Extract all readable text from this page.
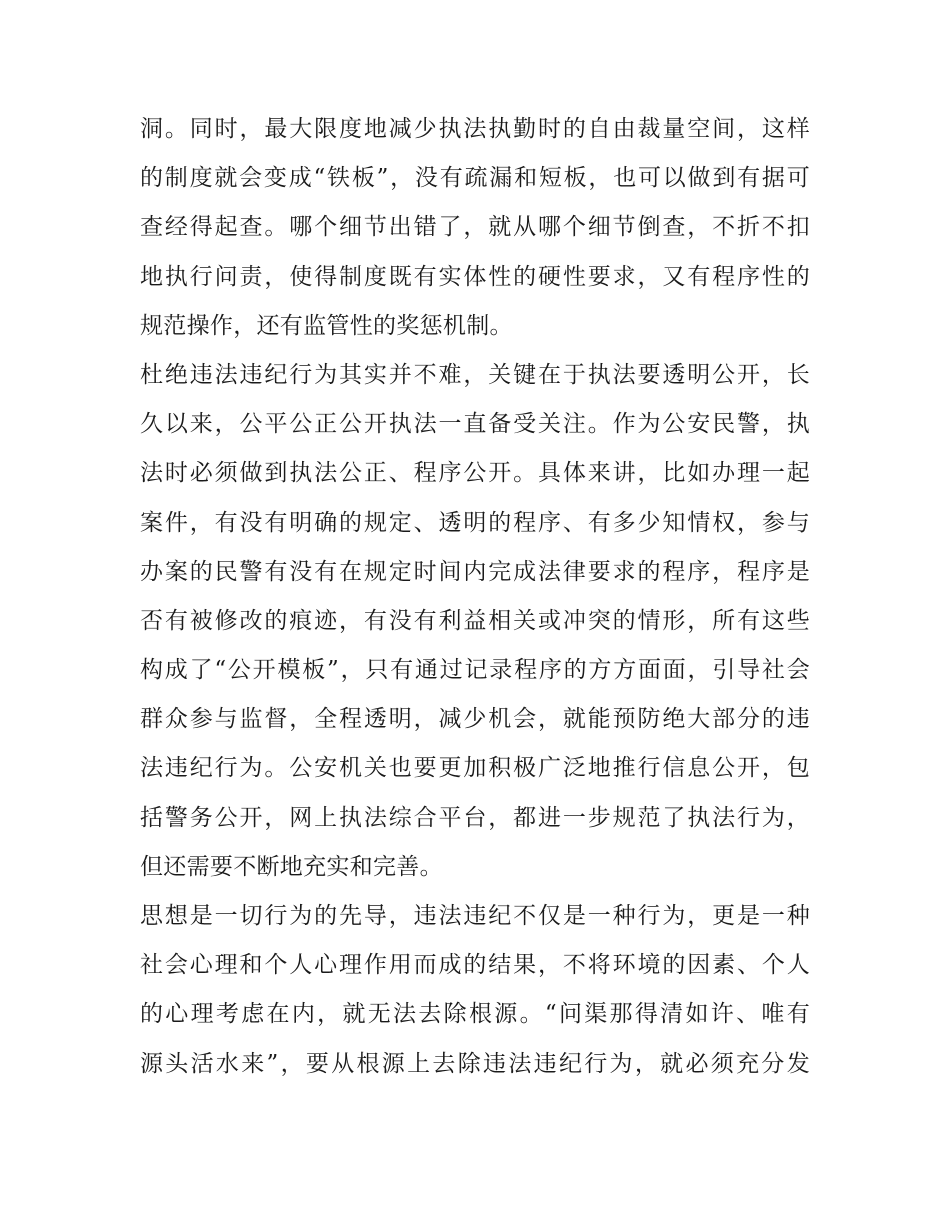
洞。同时，最大限度地减少执法执勤时的自由裁量空间，这样
的制度就会变成“铁板”，没有疏漏和短板，也可以做到有据可
查经得起查。哪个细节出错了，就从哪个细节倒查，不折不扣
地执行问责，使得制度既有实体性的硬性要求，又有程序性的
规范操作，还有监管性的奖惩机制。
杜绝违法违纪行为其实并不难，关键在于执法要透明公开，长
久以来，公平公正公开执法一直备受关注。作为公安民警，执
法时必须做到执法公正、程序公开。具体来讲，比如办理一起
案件，有没有明确的规定、透明的程序、有多少知情权，参与
办案的民警有没有在规定时间内完成法律要求的程序，程序是
否有被修改的痕迹，有没有利益相关或冲突的情形，所有这些
构成了“公开模板”，只有通过记录程序的方方面面，引导社会
群众参与监督，全程透明，减少机会，就能预防绝大部分的违
法违纪行为。公安机关也要更加积极广泛地推行信息公开，包
括警务公开，网上执法综合平台，都进一步规范了执法行为，
但还需要不断地充实和完善。
思想是一切行为的先导，违法违纪不仅是一种行为，更是一种
社会心理和个人心理作用而成的结果，不将环境的因素、个人
的心理考虑在内，就无法去除根源。“问渠那得清如许、唯有
源头活水来”，要从根源上去除违法违纪行为，就必须充分发
